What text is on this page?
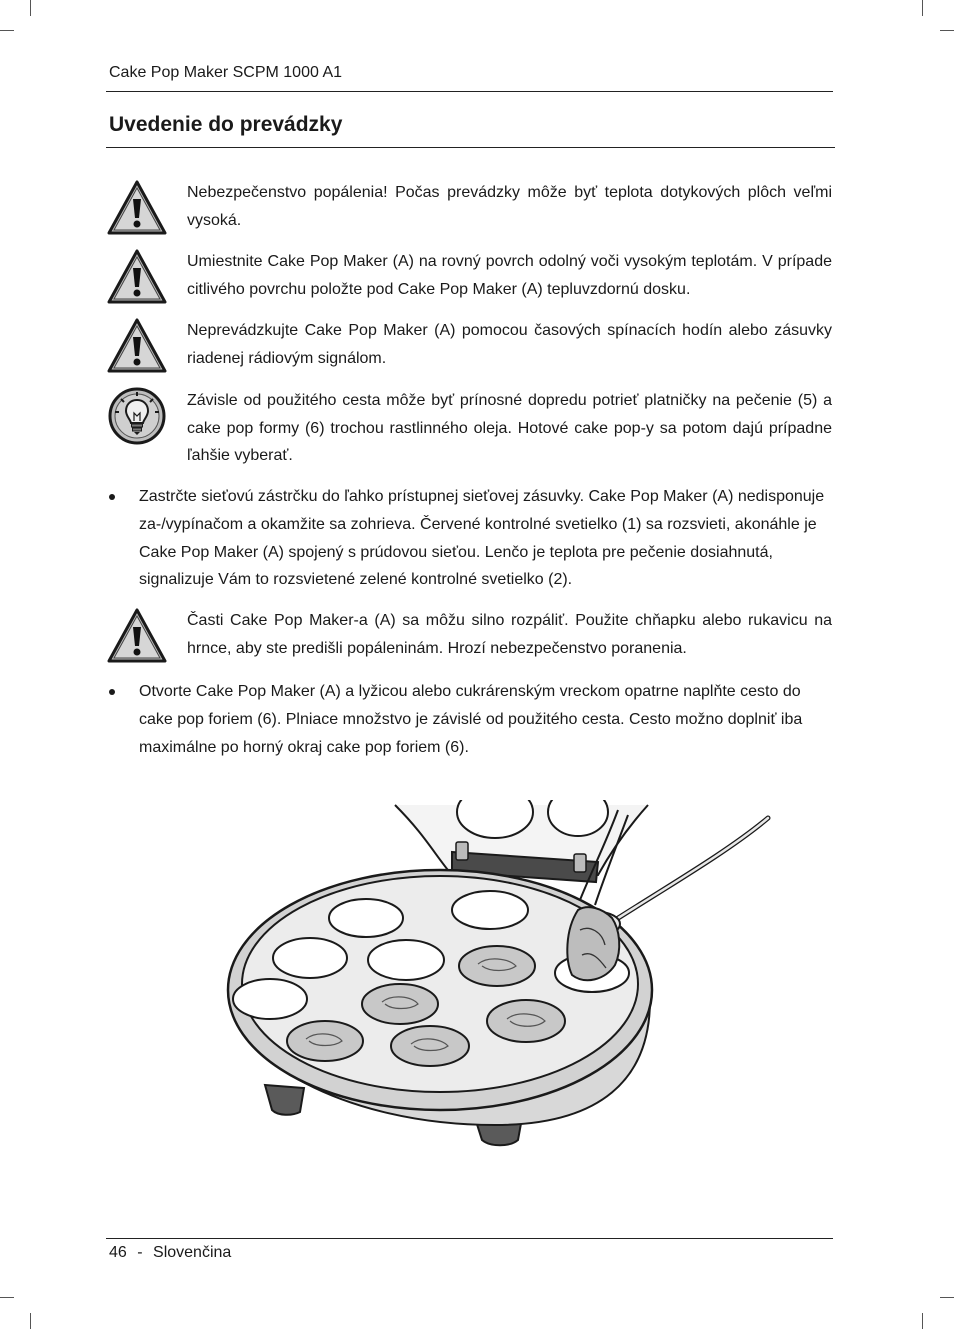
Cake Pop Maker SCPM 1000 A1
Uvedenie do prevádzky

Nebezpečenstvo popálenia! Počas prevádzky môže byť teplota dotykových plôch veľmi vysoká.

Umiestnite Cake Pop Maker (A) na rovný povrch odolný voči vysokým teplotám. V prípade citlivého povrchu položte pod Cake Pop Maker (A) tepluvzdornú dosku.

Neprevádzkujte Cake Pop Maker (A) pomocou časových spínacích hodín alebo zásuvky riadenej rádiovým signálom.

Závisle od použitého cesta môže byť prínosné dopredu potrieť platničky na pečenie (5) a cake pop formy (6) trochou rastlinného oleja. Hotové cake pop-y sa potom dajú prípadne ľahšie vyberať.

Zastrčte sieťovú zástrčku do ľahko prístupnej sieťovej zásuvky. Cake Pop Maker (A) nedisponuje za-/vypínačom a okamžite sa zohrieva. Červené kontrolné svetielko (1) sa rozsvieti, akonáhle je Cake Pop Maker (A) spojený s prúdovou sieťou. Lenčo je teplota pre pečenie dosiahnutá, signalizuje Vám to rozsvietené zelené kontrolné svetielko (2).

Časti Cake Pop Maker-a (A) sa môžu silno rozpáliť. Použite chňapku alebo rukavicu na hrnce, aby ste predišli popáleninám. Hrozí nebezpečenstvo poranenia.

Otvorte Cake Pop Maker (A) a lyžicou alebo cukrárenským vreckom opatrne naplňte cesto do cake pop foriem (6). Plniace množstvo je závislé od použitého cesta. Cesto možno doplniť iba maximálne po horný okraj cake pop foriem (6).

46 - Slovenčina
